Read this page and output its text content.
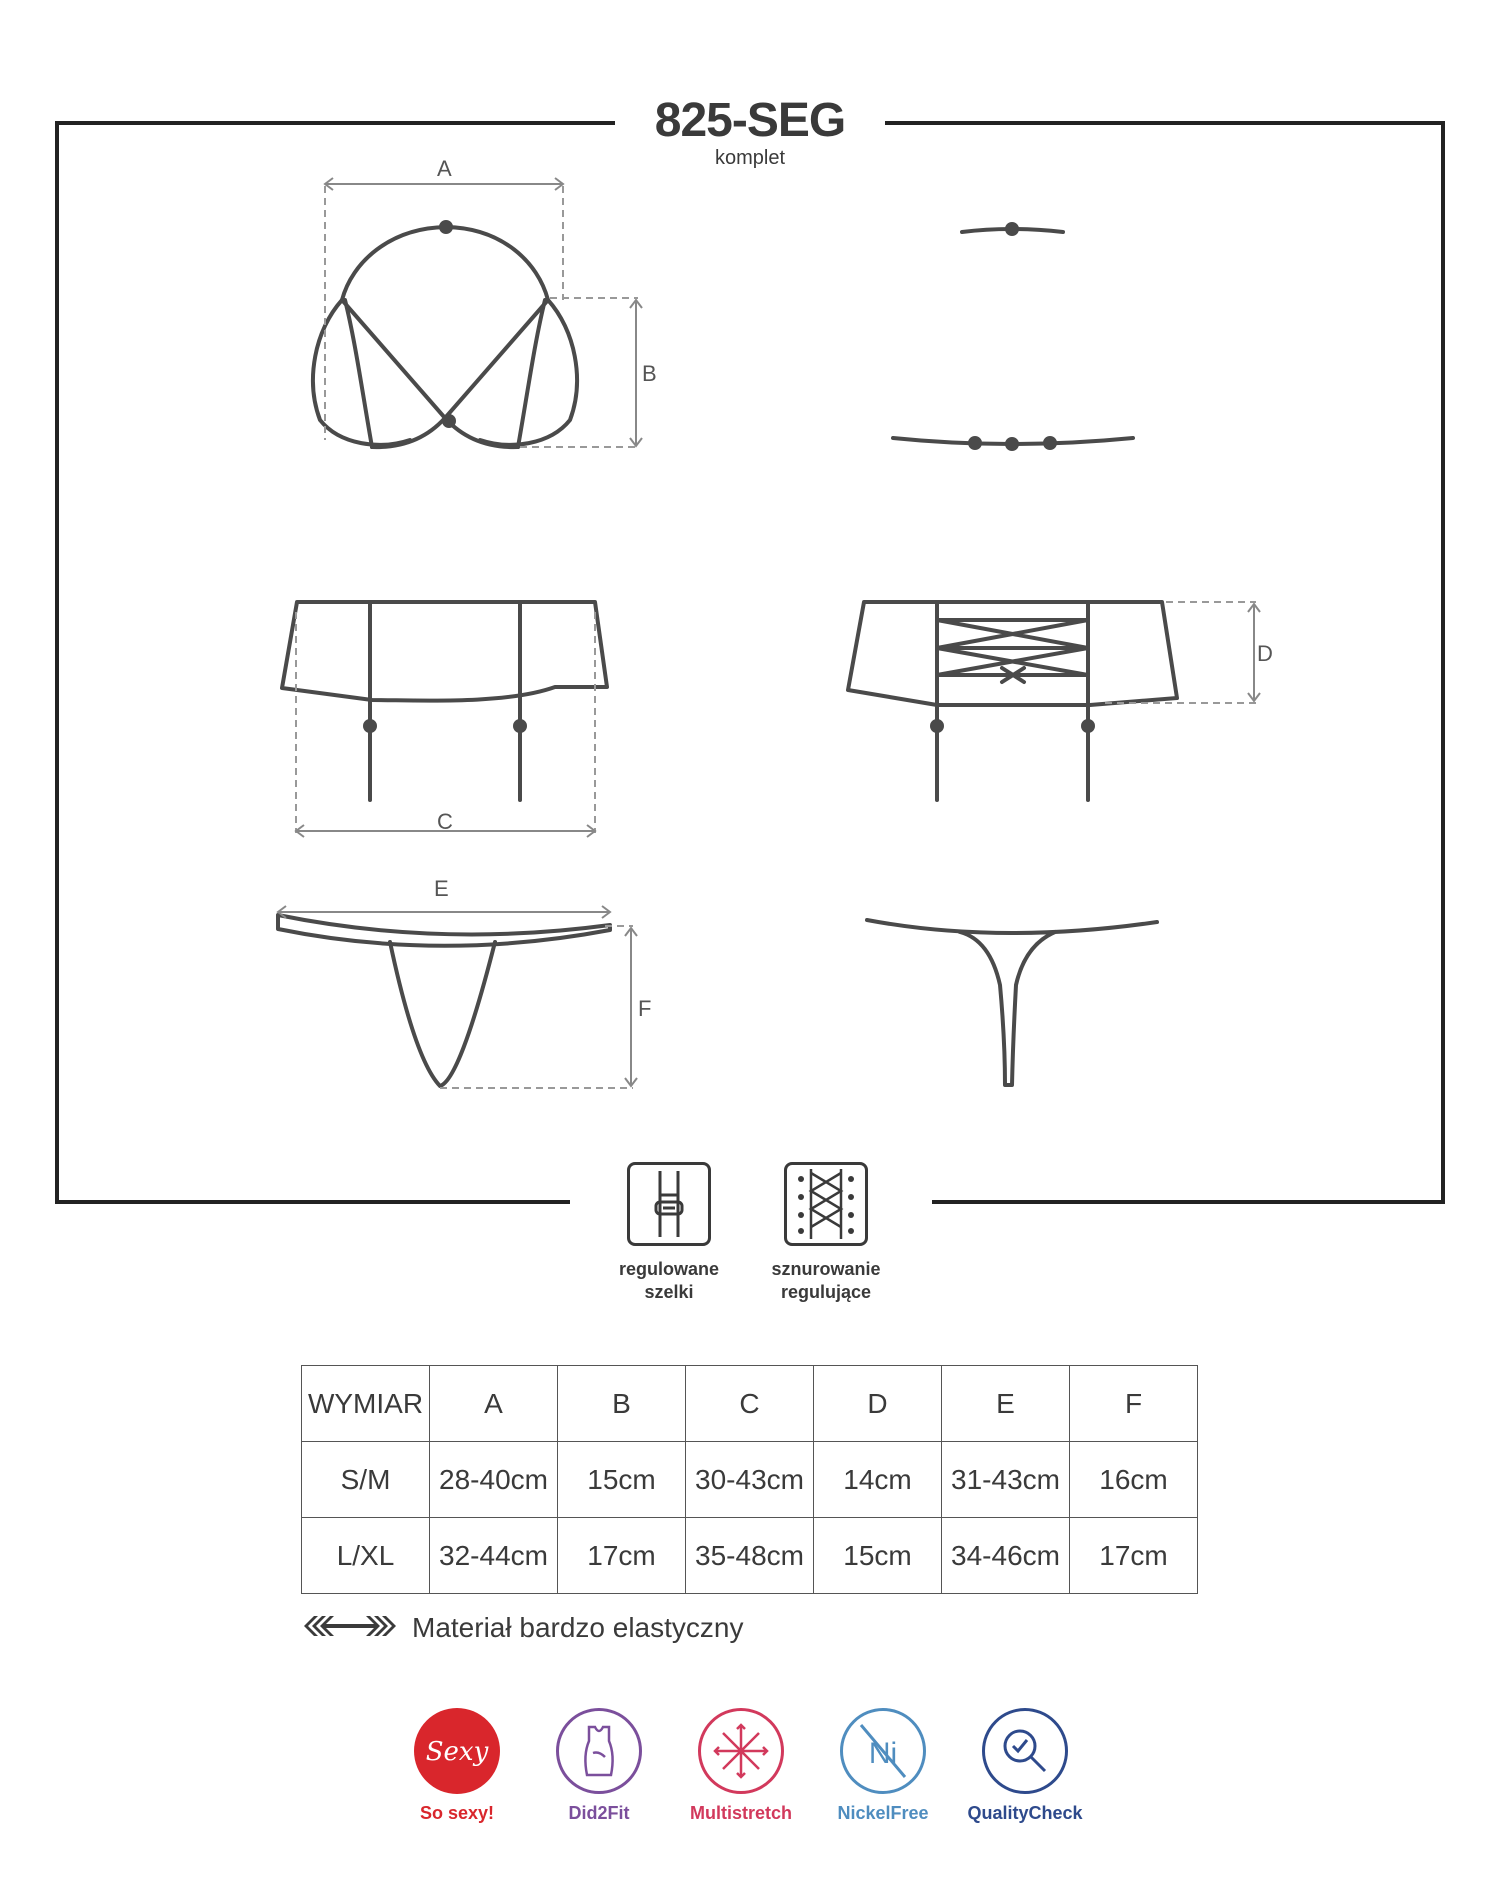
825-SEG
komplet
A
B
C
D
E
F
regulowane
szelki
sznurowanie
regulujące
WYMIAR	A	B	C	D	E	F
S/M	28-40cm	15cm	30-43cm	14cm	31-43cm	16cm
L/XL	32-44cm	17cm	35-48cm	15cm	34-46cm	17cm
Materiał bardzo elastyczny
Sexy
So sexy!	Did2Fit	Multistretch
Ni
NickelFree	QualityCheck
